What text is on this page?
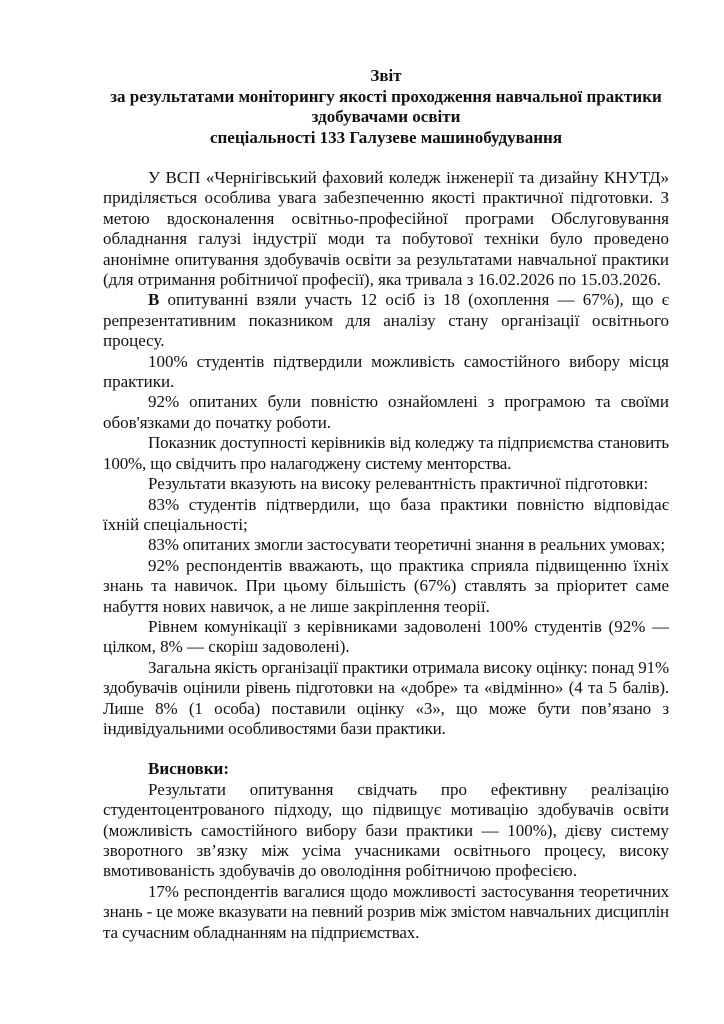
Звіт
за результатами моніторингу якості проходження навчальної практики
здобувачами освіти
спеціальності 133 Галузеве машинобудування

У ВСП «Чернігівський фаховий коледж інженерії та дизайну КНУТД» приділяється особлива увага забезпеченню якості практичної підготовки. З метою вдосконалення освітньо-професійної програми Обслуговування обладнання галузі індустрії моди та побутової техніки було проведено анонімне опитування здобувачів освіти за результатами навчальної практики (для отримання робітничої професії), яка тривала з 16.02.2026 по 15.03.2026.

В опитуванні взяли участь 12 осіб із 18 (охоплення — 67%), що є репрезентативним показником для аналізу стану організації освітнього процесу.

100% студентів підтвердили можливість самостійного вибору місця практики.

92% опитаних були повністю ознайомлені з програмою та своїми обов'язками до початку роботи.

Показник доступності керівників від коледжу та підприємства становить 100%, що свідчить про налагоджену систему менторства.

Результати вказують на високу релевантність практичної підготовки:

83% студентів підтвердили, що база практики повністю відповідає їхній спеціальності;

83% опитаних змогли застосувати теоретичні знання в реальних умовах;

92% респондентів вважають, що практика сприяла підвищенню їхніх знань та навичок. При цьому більшість (67%) ставлять за пріоритет саме набуття нових навичок, а не лише закріплення теорії.

Рівнем комунікації з керівниками задоволені 100% студентів (92% — цілком, 8% — скоріш задоволені).

Загальна якість організації практики отримала високу оцінку: понад 91% здобувачів оцінили рівень підготовки на «добре» та «відмінно» (4 та 5 балів). Лише 8% (1 особа) поставили оцінку «3», що може бути пов’язано з індивідуальними особливостями бази практики.

Висновки:

Результати опитування свідчать про ефективну реалізацію студентоцентрованого підходу, що підвищує мотивацію здобувачів освіти (можливість самостійного вибору бази практики — 100%), дієву систему зворотного зв’язку між усіма учасниками освітнього процесу, високу вмотивованість здобувачів до оволодіння робітничою професією.

17% респондентів вагалися щодо можливості застосування теоретичних знань - це може вказувати на певний розрив між змістом навчальних дисциплін та сучасним обладнанням на підприємствах.
